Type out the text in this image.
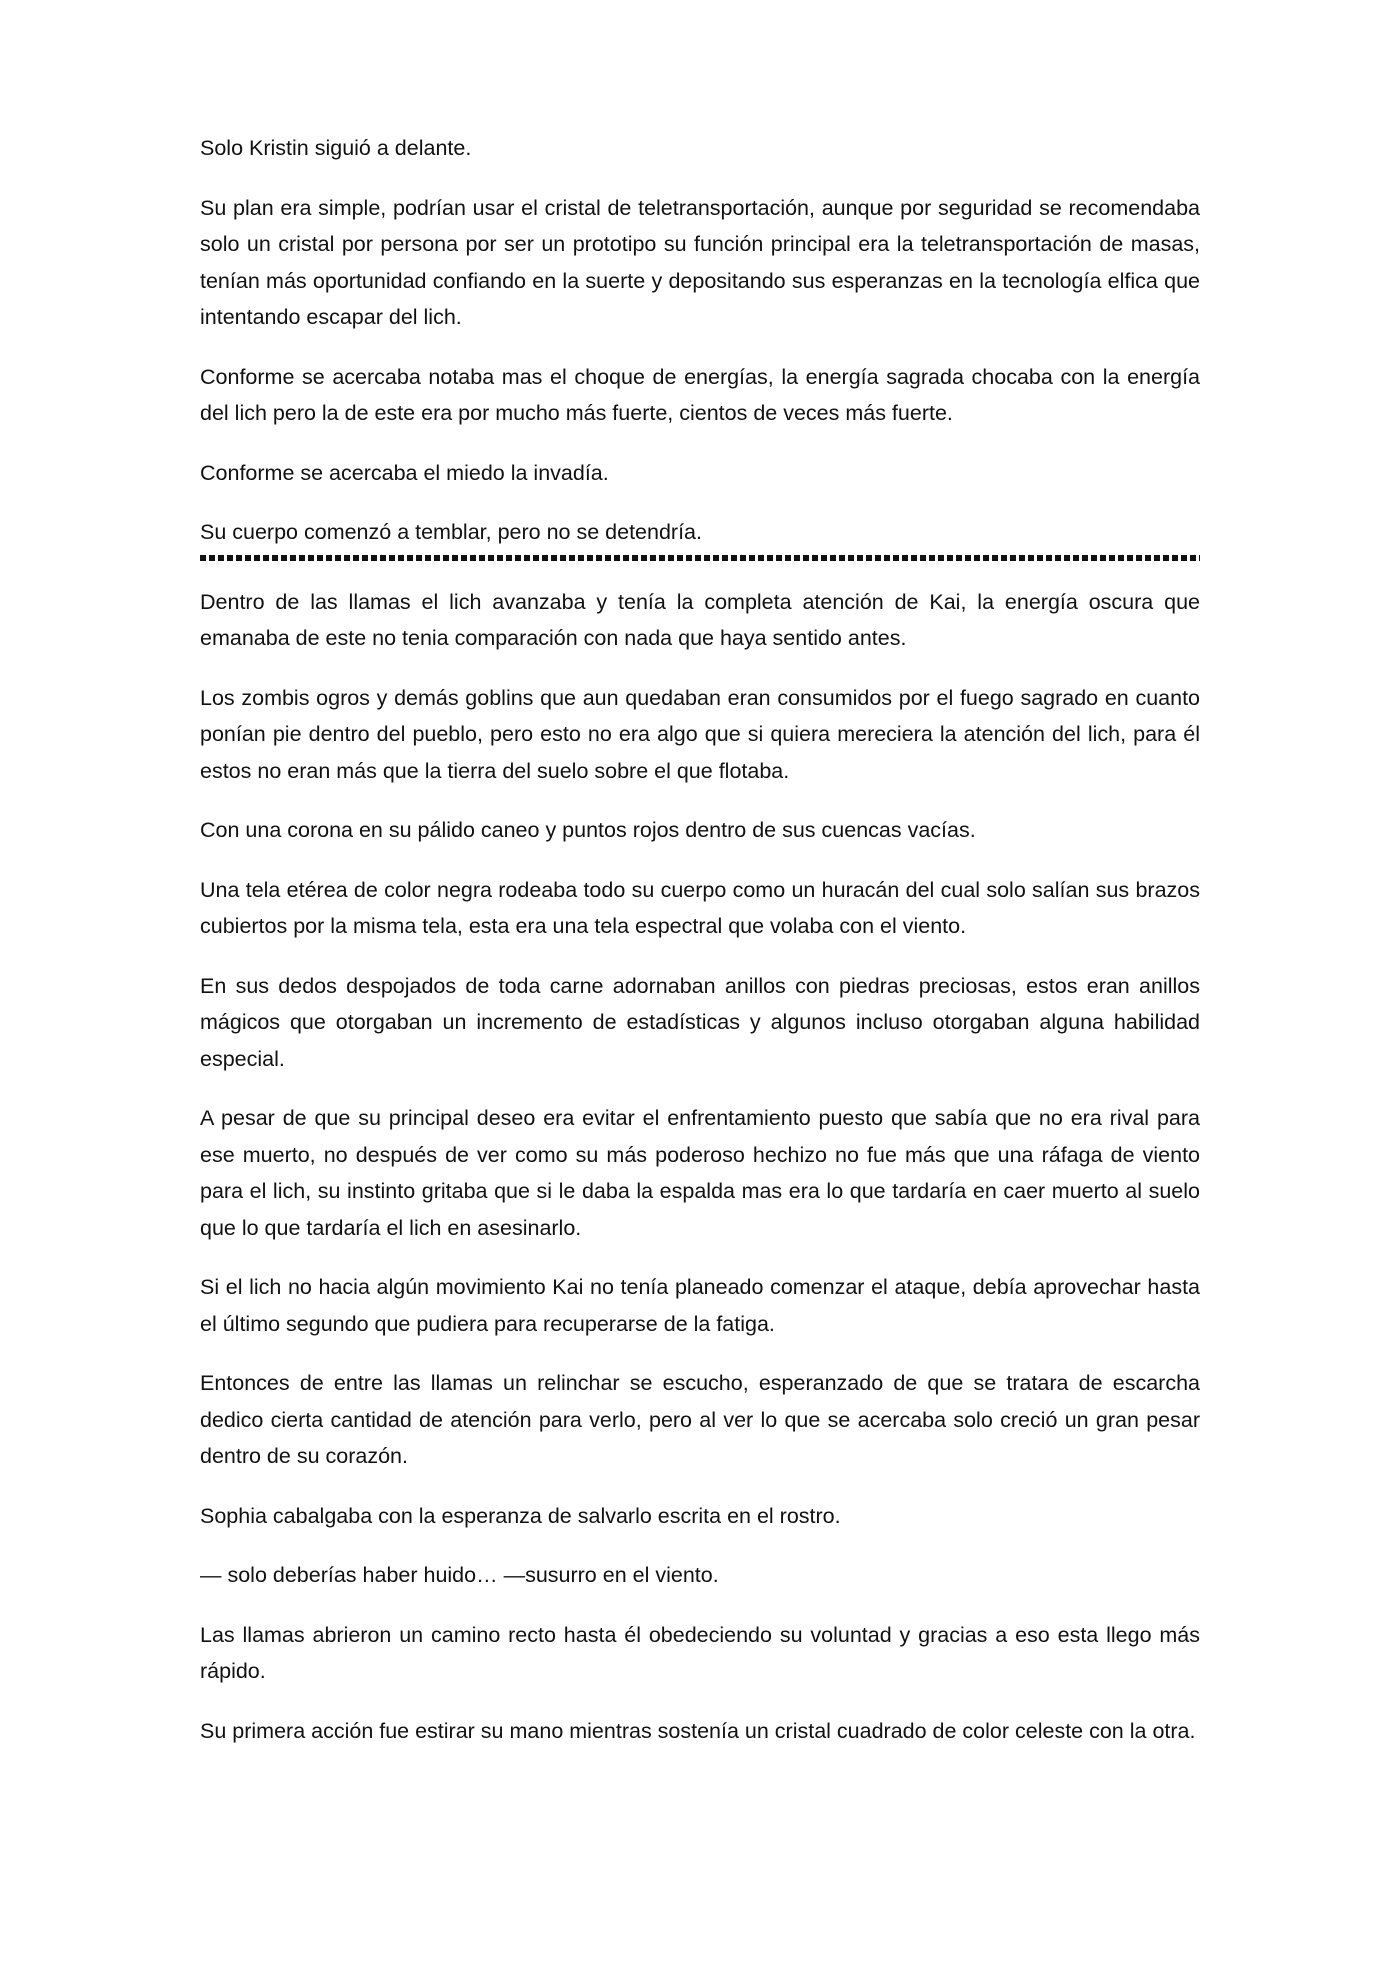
Solo Kristin siguió a delante.

Su plan era simple, podrían usar el cristal de teletransportación, aunque por seguridad se recomendaba solo un cristal por persona por ser un prototipo su función principal era la teletransportación de masas, tenían más oportunidad confiando en la suerte y depositando sus esperanzas en la tecnología elfica que intentando escapar del lich.

Conforme se acercaba notaba mas el choque de energías, la energía sagrada chocaba con la energía del lich pero la de este era por mucho más fuerte, cientos de veces más fuerte.

Conforme se acercaba el miedo la invadía.

Su cuerpo comenzó a temblar, pero no se detendría.

Dentro de las llamas el lich avanzaba y tenía la completa atención de Kai, la energía oscura que emanaba de este no tenia comparación con nada que haya sentido antes.

Los zombis ogros y demás goblins que aun quedaban eran consumidos por el fuego sagrado en cuanto ponían pie dentro del pueblo, pero esto no era algo que si quiera mereciera la atención del lich, para él estos no eran más que la tierra del suelo sobre el que flotaba.

Con una corona en su pálido caneo y puntos rojos dentro de sus cuencas vacías.

Una tela etérea de color negra rodeaba todo su cuerpo como un huracán del cual solo salían sus brazos cubiertos por la misma tela, esta era una tela espectral que volaba con el viento.

En sus dedos despojados de toda carne adornaban anillos con piedras preciosas, estos eran anillos mágicos que otorgaban un incremento de estadísticas y algunos incluso otorgaban alguna habilidad especial.

A pesar de que su principal deseo era evitar el enfrentamiento puesto que sabía que no era rival para ese muerto, no después de ver como su más poderoso hechizo no fue más que una ráfaga de viento para el lich, su instinto gritaba que si le daba la espalda mas era lo que tardaría en caer muerto al suelo que lo que tardaría el lich en asesinarlo.

Si el lich no hacia algún movimiento Kai no tenía planeado comenzar el ataque, debía aprovechar hasta el último segundo que pudiera para recuperarse de la fatiga.

Entonces de entre las llamas un relinchar se escucho, esperanzado de que se tratara de escarcha dedico cierta cantidad de atención para verlo, pero al ver lo que se acercaba solo creció un gran pesar dentro de su corazón.

Sophia cabalgaba con la esperanza de salvarlo escrita en el rostro.

— solo deberías haber huido… —susurro en el viento.

Las llamas abrieron un camino recto hasta él obedeciendo su voluntad y gracias a eso esta llego más rápido.

Su primera acción fue estirar su mano mientras sostenía un cristal cuadrado de color celeste con la otra.
